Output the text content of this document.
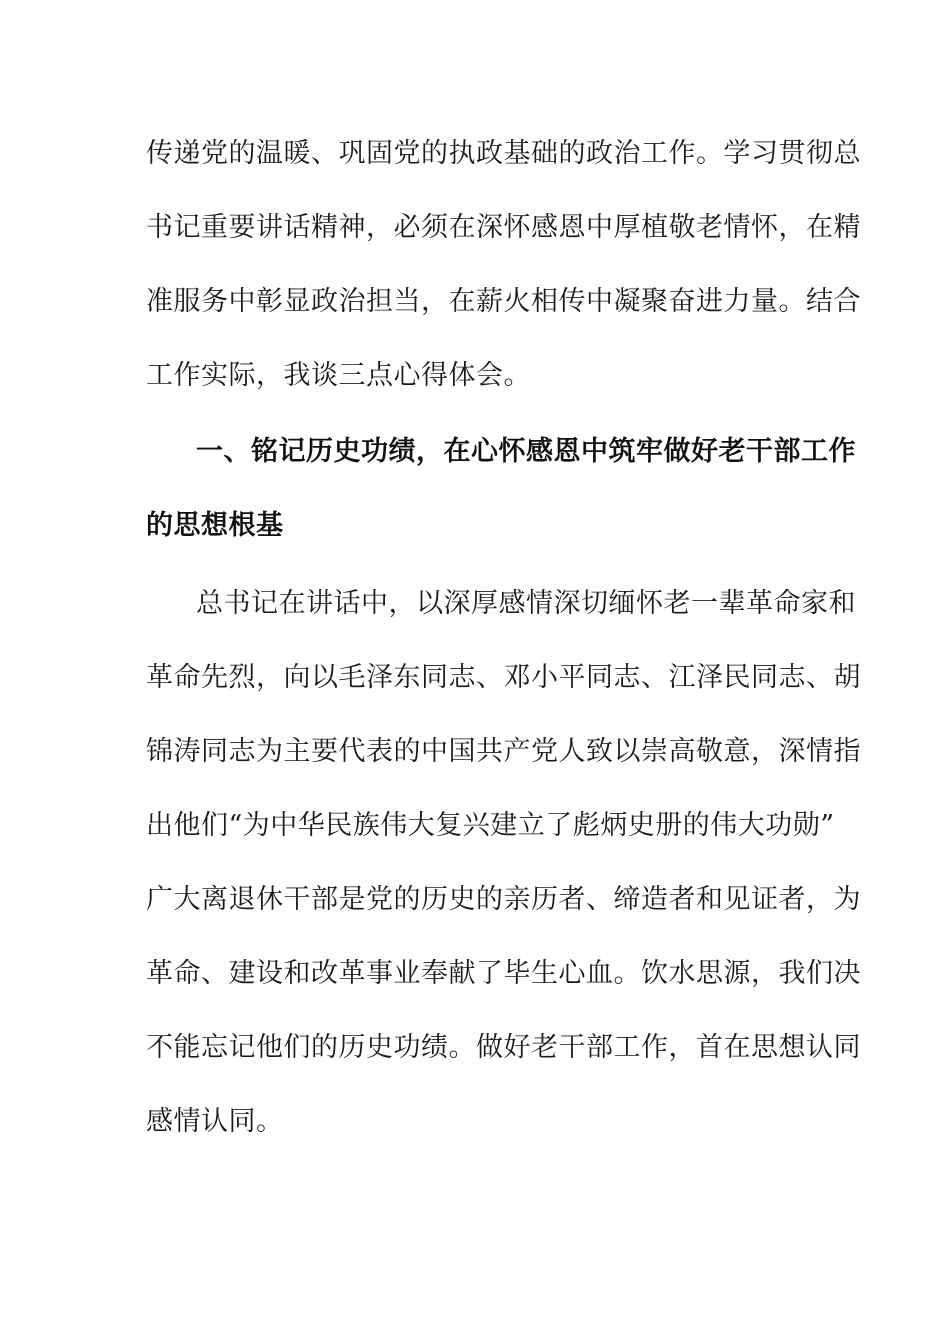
传递党的温暖、巩固党的执政基础的政治工作。学习贯彻总
书记重要讲话精神，必须在深怀感恩中厚植敬老情怀，在精
准服务中彰显政治担当，在薪火相传中凝聚奋进力量。结合
工作实际，我谈三点心得体会。
一、铭记历史功绩，在心怀感恩中筑牢做好老干部工作
的思想根基
总书记在讲话中，以深厚感情深切缅怀老一辈革命家和
革命先烈，向以毛泽东同志、邓小平同志、江泽民同志、胡
锦涛同志为主要代表的中国共产党人致以崇高敬意，深情指
出他们“为中华民族伟大复兴建立了彪炳史册的伟大功勋”
广大离退休干部是党的历史的亲历者、缔造者和见证者，为
革命、建设和改革事业奉献了毕生心血。饮水思源，我们决
不能忘记他们的历史功绩。做好老干部工作，首在思想认同
感情认同。
